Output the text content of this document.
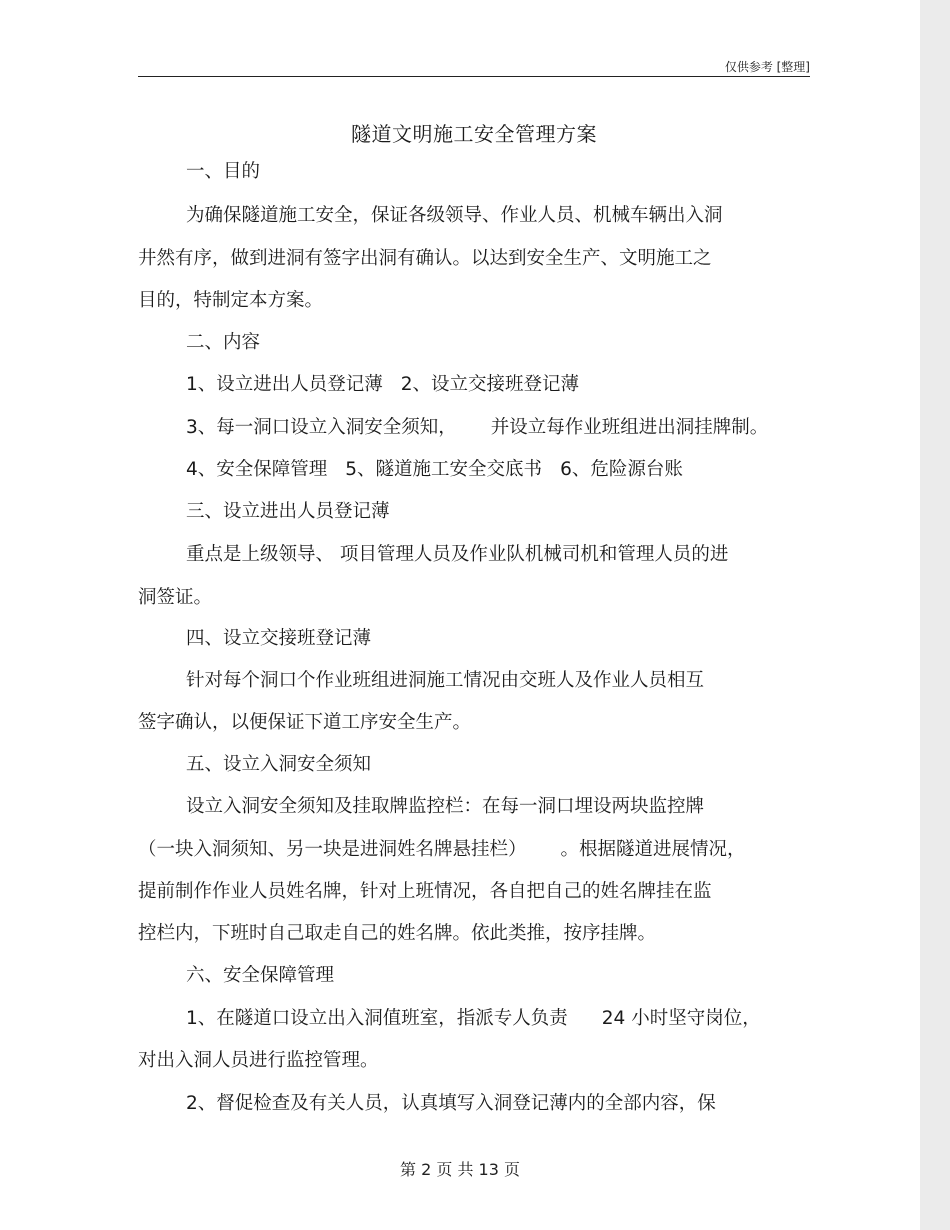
仅供参考 [整理]
隧道文明施工安全管理方案
一、目的
为确保隧道施工安全，保证各级领导、作业人员、机械车辆出入洞
井然有序，做到进洞有签字出洞有确认。以达到安全生产、文明施工之
目的，特制定本方案。
二、内容
1、设立进出人员登记薄 2、设立交接班登记薄
3、每一洞口设立入洞安全须知， 并设立每作业班组进出洞挂牌制。
4、安全保障管理 5、隧道施工安全交底书 6、危险源台账
三、设立进出人员登记薄
重点是上级领导、 项目管理人员及作业队机械司机和管理人员的进
洞签证。
四、设立交接班登记薄
针对每个洞口个作业班组进洞施工情况由交班人及作业人员相互
签字确认，以便保证下道工序安全生产。
五、设立入洞安全须知
设立入洞安全须知及挂取牌监控栏：在每一洞口埋设两块监控牌
（一块入洞须知、另一块是进洞姓名牌悬挂栏） 。根据隧道进展情况，
提前制作作业人员姓名牌，针对上班情况，各自把自己的姓名牌挂在监
控栏内，下班时自己取走自己的姓名牌。依此类推，按序挂牌。
六、安全保障管理
1、在隧道口设立出入洞值班室，指派专人负责 24 小时坚守岗位，
对出入洞人员进行监控管理。
2、督促检查及有关人员，认真填写入洞登记薄内的全部内容，保
第 2 页 共 13 页
